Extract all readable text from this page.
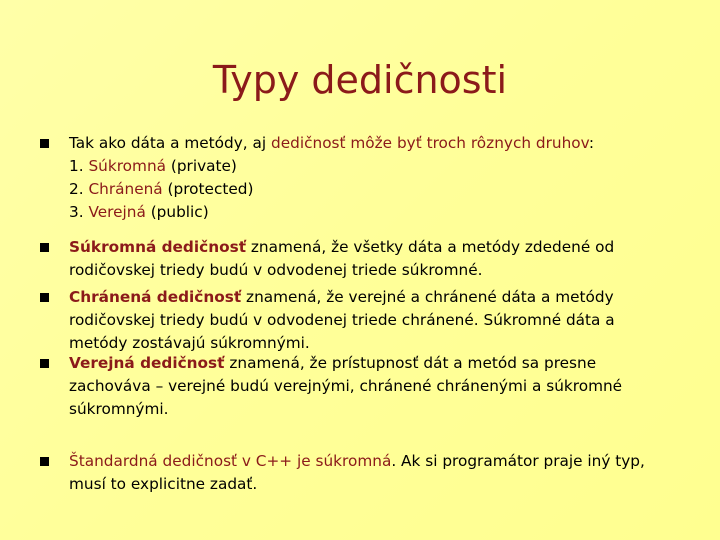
Typy dedičnosti
Tak ako dáta a metódy, aj dedičnosť môže byť troch rôznych druhov:
1. Súkromná (private)
2. Chránená (protected)
3. Verejná (public)
Súkromná dedičnosť znamená, že všetky dáta a metódy zdedené od
rodičovskej triedy budú v odvodenej triede súkromné.
Chránená dedičnosť znamená, že verejné a chránené dáta a metódy
rodičovskej triedy budú v odvodenej triede chránené. Súkromné dáta a
metódy zostávajú súkromnými.
Verejná dedičnosť znamená, že prístupnosť dát a metód sa presne
zachováva – verejné budú verejnými, chránené chránenými a súkromné
súkromnými.
Štandardná dedičnosť v C++ je súkromná. Ak si programátor praje iný typ,
musí to explicitne zadať.
